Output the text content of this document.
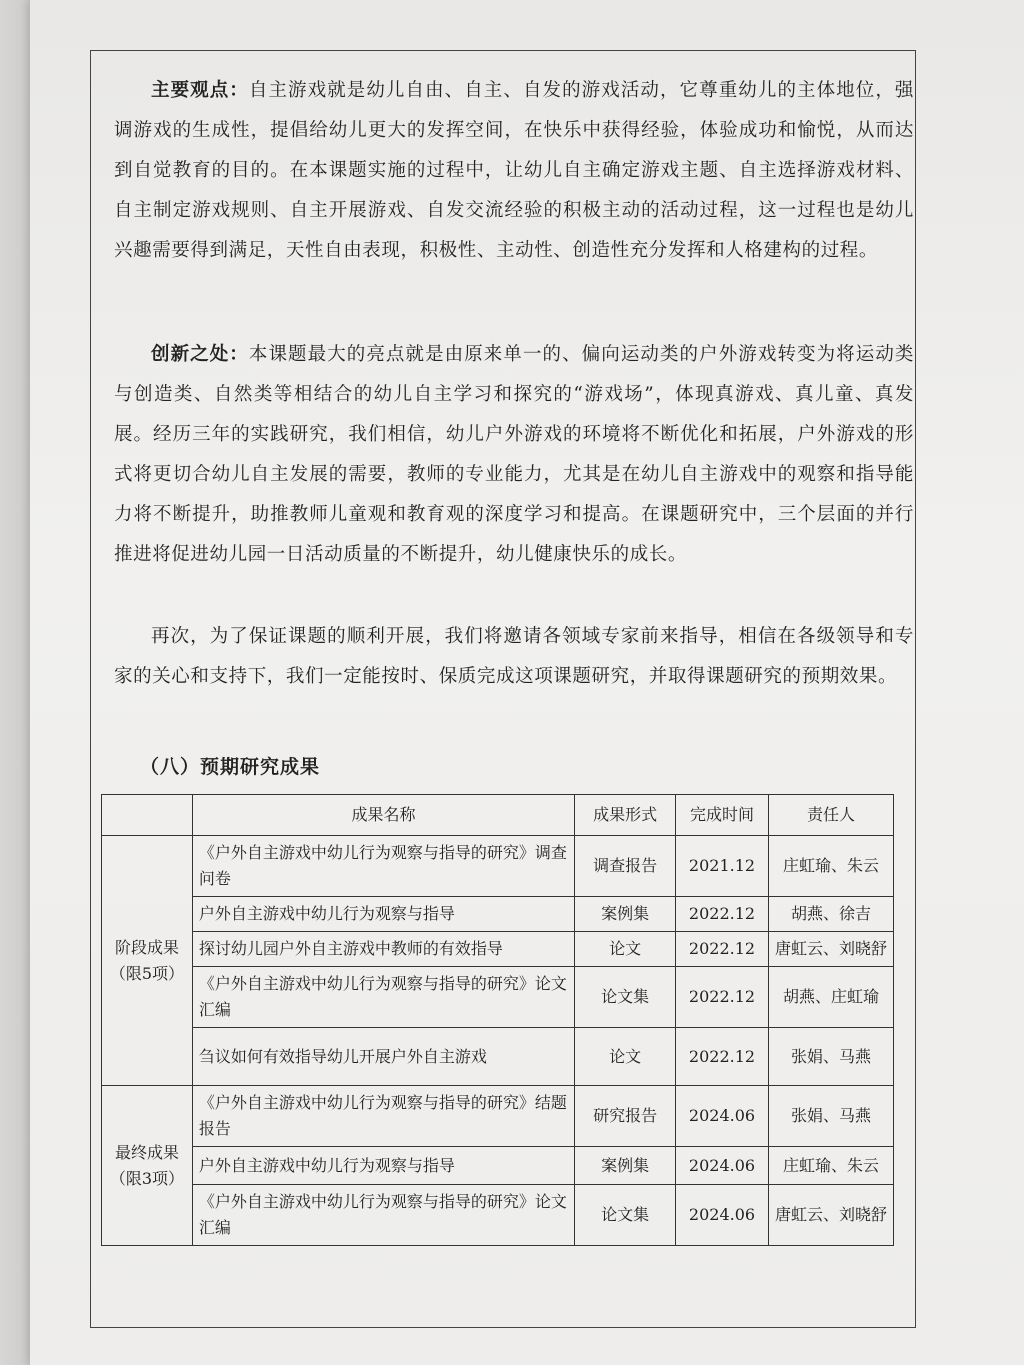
主要观点：自主游戏就是幼儿自由、自主、自发的游戏活动，它尊重幼儿的主体地位，强调游戏的生成性，提倡给幼儿更大的发挥空间，在快乐中获得经验，体验成功和愉悦，从而达到自觉教育的目的。在本课题实施的过程中，让幼儿自主确定游戏主题、自主选择游戏材料、自主制定游戏规则、自主开展游戏、自发交流经验的积极主动的活动过程，这一过程也是幼儿兴趣需要得到满足，天性自由表现，积极性、主动性、创造性充分发挥和人格建构的过程。

创新之处：本课题最大的亮点就是由原来单一的、偏向运动类的户外游戏转变为将运动类与创造类、自然类等相结合的幼儿自主学习和探究的“游戏场”，体现真游戏、真儿童、真发展。经历三年的实践研究，我们相信，幼儿户外游戏的环境将不断优化和拓展，户外游戏的形式将更切合幼儿自主发展的需要，教师的专业能力，尤其是在幼儿自主游戏中的观察和指导能力将不断提升，助推教师儿童观和教育观的深度学习和提高。在课题研究中，三个层面的并行推进将促进幼儿园一日活动质量的不断提升，幼儿健康快乐的成长。

再次，为了保证课题的顺利开展，我们将邀请各领域专家前来指导，相信在各级领导和专家的关心和支持下，我们一定能按时、保质完成这项课题研究，并取得课题研究的预期效果。

（八）预期研究成果
	成果名称	成果形式	完成时间	责任人
阶段成果（限5项）	《户外自主游戏中幼儿行为观察与指导的研究》调查问卷	调查报告	2021.12	庄虹瑜、朱云
	户外自主游戏中幼儿行为观察与指导	案例集	2022.12	胡燕、徐吉
	探讨幼儿园户外自主游戏中教师的有效指导	论文	2022.12	唐虹云、刘晓舒
	《户外自主游戏中幼儿行为观察与指导的研究》论文汇编	论文集	2022.12	胡燕、庄虹瑜
	刍议如何有效指导幼儿开展户外自主游戏	论文	2022.12	张娟、马燕
最终成果（限3项）	《户外自主游戏中幼儿行为观察与指导的研究》结题报告	研究报告	2024.06	张娟、马燕
	户外自主游戏中幼儿行为观察与指导	案例集	2024.06	庄虹瑜、朱云
	《户外自主游戏中幼儿行为观察与指导的研究》论文汇编	论文集	2024.06	唐虹云、刘晓舒
